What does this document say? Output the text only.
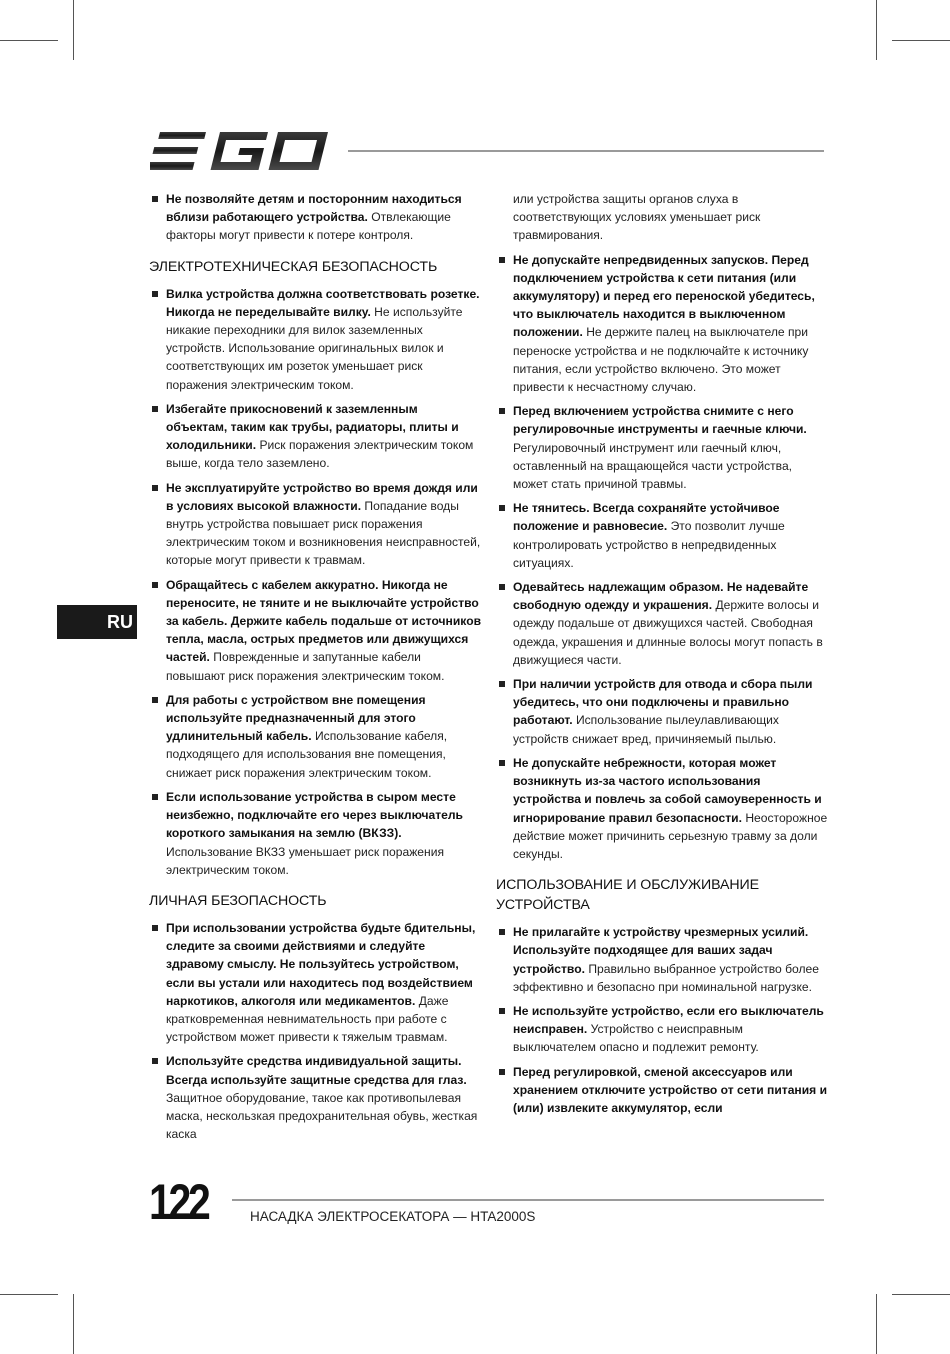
RU
Не позволяйте детям и посторонним находиться вблизи работающего устройства. Отвлекающие факторы могут привести к потере контроля.
ЭЛЕКТРОТЕХНИЧЕСКАЯ БЕЗОПАСНОСТЬ
Вилка устройства должна соответствовать розетке. Никогда не переделывайте вилку. Не используйте никакие переходники для вилок заземленных устройств. Использование оригинальных вилок и соответствующих им розеток уменьшает риск поражения электрическим током.
Избегайте прикосновений к заземленным объектам, таким как трубы, радиаторы, плиты и холодильники. Риск поражения электрическим током выше, когда тело заземлено.
Не эксплуатируйте устройство во время дождя или в условиях высокой влажности. Попадание воды внутрь устройства повышает риск поражения электрическим током и возникновения неисправностей, которые могут привести к травмам.
Обращайтесь с кабелем аккуратно. Никогда не переносите, не тяните и не выключайте устройство за кабель. Держите кабель подальше от источников тепла, масла, острых предметов или движущихся частей. Поврежденные и запутанные кабели повышают риск поражения электрическим током.
Для работы с устройством вне помещения используйте предназначенный для этого удлинительный кабель. Использование кабеля, подходящего для использования вне помещения, снижает риск поражения электрическим током.
Если использование устройства в сыром месте неизбежно, подключайте его через выключатель короткого замыкания на землю (ВКЗЗ). Использование ВКЗЗ уменьшает риск поражения электрическим током.
ЛИЧНАЯ БЕЗОПАСНОСТЬ
При использовании устройства будьте бдительны, следите за своими действиями и следуйте здравому смыслу. Не пользуйтесь устройством, если вы устали или находитесь под воздействием наркотиков, алкоголя или медикаментов. Даже кратковременная невнимательность при работе с устройством может привести к тяжелым травмам.
Используйте средства индивидуальной защиты. Всегда используйте защитные средства для глаз. Защитное оборудование, такое как противопылевая маска, нескользкая предохранительная обувь, жесткая каска
или устройства защиты органов слуха в соответствующих условиях уменьшает риск травмирования.
Не допускайте непредвиденных запусков. Перед подключением устройства к сети питания (или аккумулятору) и перед его переноской убедитесь, что выключатель находится в выключенном положении. Не держите палец на выключателе при переноске устройства и не подключайте к источнику питания, если устройство включено. Это может привести к несчастному случаю.
Перед включением устройства снимите с него регулировочные инструменты и гаечные ключи. Регулировочный инструмент или гаечный ключ, оставленный на вращающейся части устройства, может стать причиной травмы.
Не тянитесь. Всегда сохраняйте устойчивое положение и равновесие. Это позволит лучше контролировать устройство в непредвиденных ситуациях.
Одевайтесь надлежащим образом. Не надевайте свободную одежду и украшения. Держите волосы и одежду подальше от движущихся частей. Свободная одежда, украшения и длинные волосы могут попасть в движущиеся части.
При наличии устройств для отвода и сбора пыли убедитесь, что они подключены и правильно работают. Использование пылеулавливающих устройств снижает вред, причиняемый пылью.
Не допускайте небрежности, которая может возникнуть из-за частого использования устройства и повлечь за собой самоуверенность и игнорирование правил безопасности. Неосторожное действие может причинить серьезную травму за доли секунды.
ИСПОЛЬЗОВАНИЕ И ОБСЛУЖИВАНИЕ УСТРОЙСТВА
Не прилагайте к устройству чрезмерных усилий. Используйте подходящее для ваших задач устройство. Правильно выбранное устройство более эффективно и безопасно при номинальной нагрузке.
Не используйте устройство, если его выключатель неисправен. Устройство с неисправным выключателем опасно и подлежит ремонту.
Перед регулировкой, сменой аксессуаров или хранением отключите устройство от сети питания и (или) извлеките аккумулятор, если
122	НАСАДКА ЭЛЕКТРОСЕКАТОРА — HTA2000S
